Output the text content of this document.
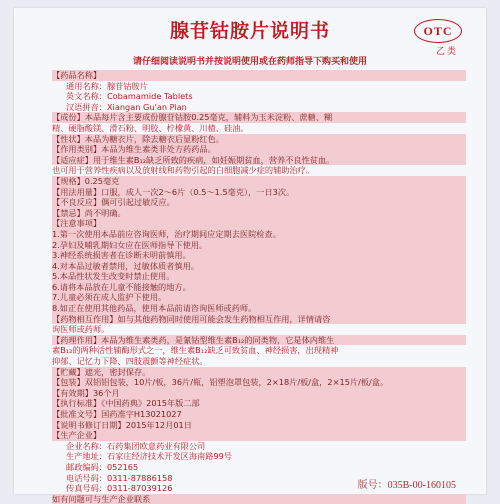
腺苷钴胺片说明书	OTC
乙类
请仔细阅读说明书并按说明使用或在药师指导下购买和使用
【药品名称】
通用名称：腺苷钴胺片
英文名称：Cobamamide Tablets
汉语拼音：Xiangan Gu'an Pian
【成份】本品每片含主要成份腺苷钴胺0.25毫克，辅料为玉米淀粉、蔗糖、糊
精、硬脂酸镁、滑石粉、明胶、柠檬黄、川楂、硅油。
【性状】本品为糖衣片，除去糖衣后显粉红色。
【作用类别】本品为维生素类非处方药药品。
【适应症】用于维生素B₁₂缺乏所致的疾病，如妊娠期贫血，营养不良性贫血。
也可用于营养性疾病以及放射线和药物引起的白细胞减少症的辅助治疗。
【规格】0.25毫克
【用法用量】口服，成人一次2～6片（0.5～1.5毫克），一日3次。
【不良反应】偶可引起过敏反应。
【禁忌】尚不明确。
【注意事项】
1.第一次使用本品前应咨询医师，治疗期间应定期去医院检查。
2.孕妇及哺乳期妇女应在医师指导下使用。
3.神经系统损害者在诊断未明前慎用。
4.对本品过敏者禁用，过敏体质者慎用。
5.本品性状发生改变时禁止使用。
6.请将本品放在儿童不能接触的地方。
7.儿童必须在成人监护下使用。
8.如正在使用其他药品，使用本品前请咨询医师或药师。
【药物相互作用】如与其他药物同时使用可能会发生药物相互作用，详情请咨
询医师或药师。
【药理作用】本品为维生素类药，是氰钴型维生素B₁₂的同类物，它是体内维生
素B₁₂的两种活性辅酶形式之一，维生素B₁₂缺乏可致贫血、神经损害，出现精神
抑郁、记忆力下降、四肢震颤等神经症状。
【贮藏】遮光，密封保存。
【包装】双铝铝包装，10片/板，36片/瓶，铝塑泡罩包装，2×18片/板/盒，2×15片/板/盒。
【有效期】36个月
【执行标准】《中国药典》2015年版二部
【批准文号】国药准字H13021027
【说明书修订日期】2015年12月01日
【生产企业】
企业名称：石药集团欧意药业有限公司
生产地址：石家庄经济技术开发区海南路99号
邮政编码：052165
电话号码：0311-87886158
传真号码：0311-87039126
如有问题可与生产企业联系
版号：035B-00-160105
